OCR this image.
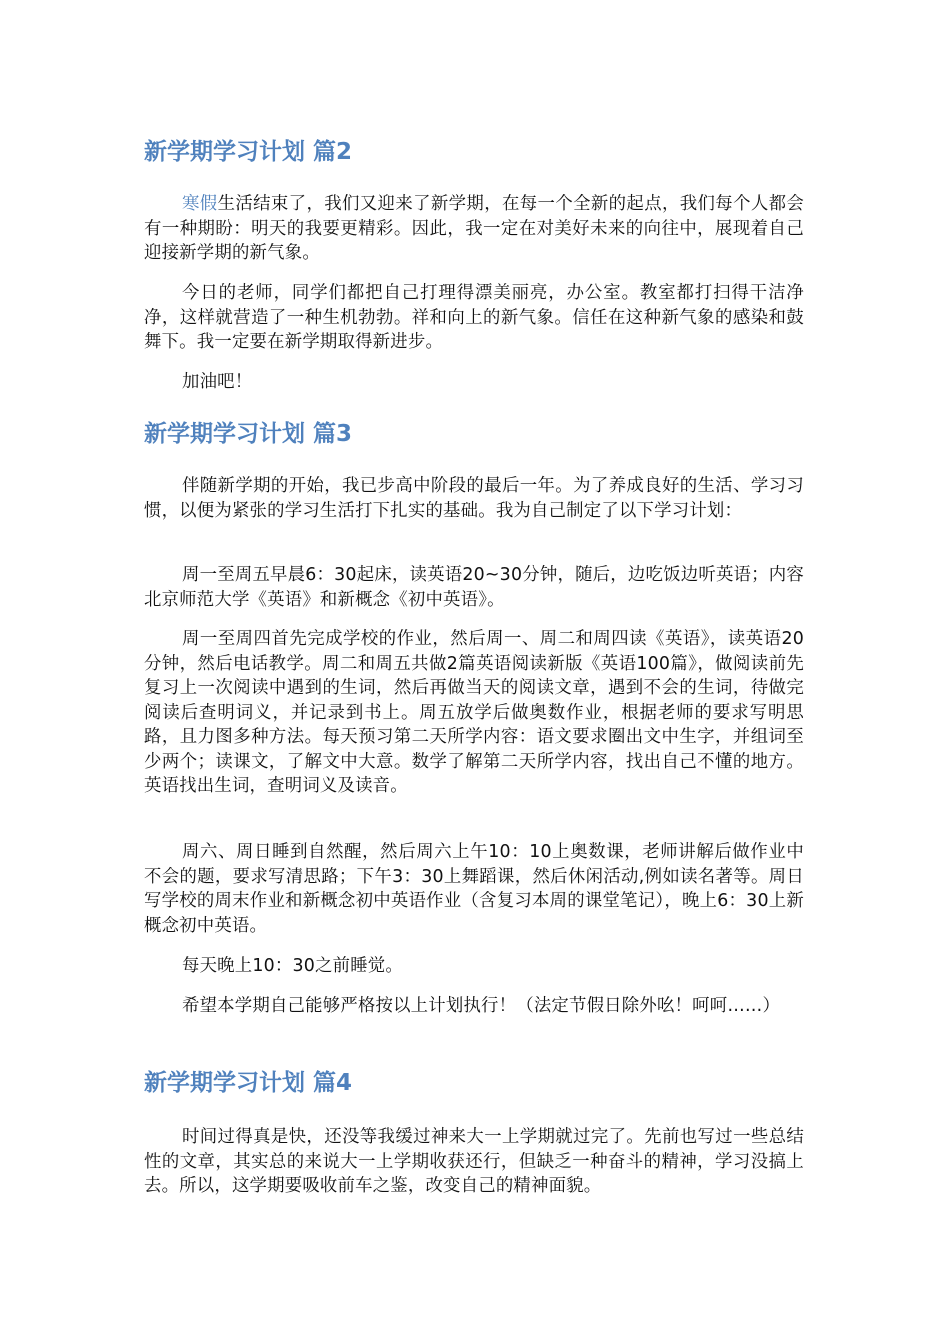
新学期学习计划 篇2

寒假生活结束了，我们又迎来了新学期，在每一个全新的起点，我们每个人都会有一种期盼：明天的我要更精彩。因此，我一定在对美好未来的向往中，展现着自己迎接新学期的新气象。

今日的老师，同学们都把自己打理得漂美丽亮，办公室。教室都打扫得干洁净净，这样就营造了一种生机勃勃。祥和向上的新气象。信任在这种新气象的感染和鼓舞下。我一定要在新学期取得新进步。

加油吧！

新学期学习计划 篇3

伴随新学期的开始，我已步高中阶段的最后一年。为了养成良好的生活、学习习惯，以便为紧张的学习生活打下扎实的基础。我为自己制定了以下学习计划：

周一至周五早晨6：30起床，读英语20~30分钟，随后，边吃饭边听英语；内容北京师范大学《英语》和新概念《初中英语》。

周一至周四首先完成学校的作业，然后周一、周二和周四读《英语》，读英语20分钟，然后电话教学。周二和周五共做2篇英语阅读新版《英语100篇》，做阅读前先复习上一次阅读中遇到的生词，然后再做当天的阅读文章，遇到不会的生词，待做完阅读后查明词义，并记录到书上。周五放学后做奥数作业，根据老师的要求写明思路，且力图多种方法。每天预习第二天所学内容：语文要求圈出文中生字，并组词至少两个；读课文，了解文中大意。数学了解第二天所学内容，找出自己不懂的地方。英语找出生词，查明词义及读音。

周六、周日睡到自然醒，然后周六上午10：10上奥数课，老师讲解后做作业中不会的题，要求写清思路；下午3：30上舞蹈课，然后休闲活动,例如读名著等。周日写学校的周末作业和新概念初中英语作业（含复习本周的课堂笔记），晚上6：30上新概念初中英语。

每天晚上10：30之前睡觉。

希望本学期自己能够严格按以上计划执行！（法定节假日除外吆！呵呵……）

新学期学习计划 篇4

时间过得真是快，还没等我缓过神来大一上学期就过完了。先前也写过一些总结性的文章，其实总的来说大一上学期收获还行，但缺乏一种奋斗的精神，学习没搞上去。所以，这学期要吸收前车之鉴，改变自己的精神面貌。
